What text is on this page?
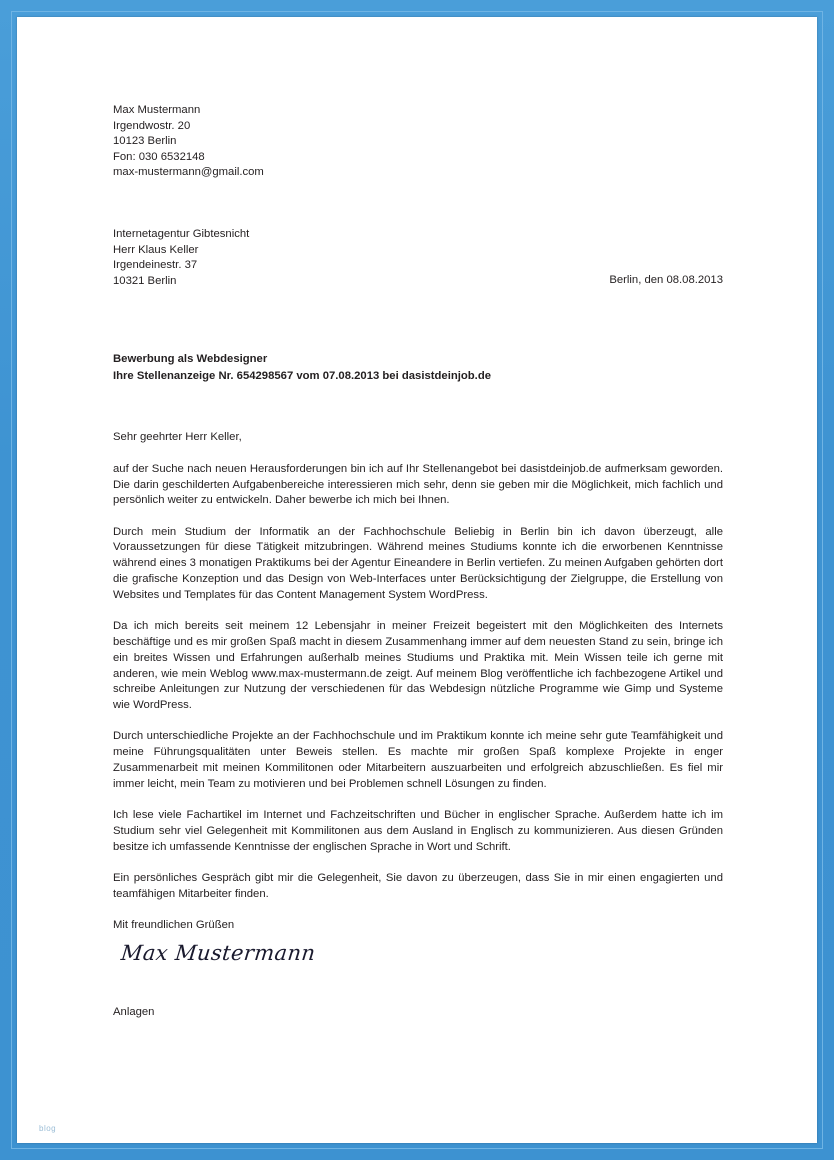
Max Mustermann
Irgendwostr. 20
10123 Berlin
Fon: 030 6532148
max-mustermann@gmail.com
Internetagentur Gibtesnicht
Herr Klaus Keller
Irgendeinestr. 37
10321 Berlin	Berlin, den 08.08.2013
Bewerbung als Webdesigner
Ihre Stellenanzeige Nr. 654298567 vom 07.08.2013 bei dasistdeinjob.de
Sehr geehrter Herr Keller,

auf der Suche nach neuen Herausforderungen bin ich auf Ihr Stellenangebot bei dasistdeinjob.de aufmerksam geworden. Die darin geschilderten Aufgabenbereiche interessieren mich sehr, denn sie geben mir die Möglichkeit, mich fachlich und persönlich weiter zu entwickeln. Daher bewerbe ich mich bei Ihnen.

Durch mein Studium der Informatik an der Fachhochschule Beliebig in Berlin bin ich davon überzeugt, alle Voraussetzungen für diese Tätigkeit mitzubringen. Während meines Studiums konnte ich die erworbenen Kenntnisse während eines 3 monatigen Praktikums bei der Agentur Eineandere in Berlin vertiefen. Zu meinen Aufgaben gehörten dort die grafische Konzeption und das Design von Web-Interfaces unter Berücksichtigung der Zielgruppe, die Erstellung von Websites und Templates für das Content Management System WordPress.

Da ich mich bereits seit meinem 12 Lebensjahr in meiner Freizeit begeistert mit den Möglichkeiten des Internets beschäftige und es mir großen Spaß macht in diesem Zusammenhang immer auf dem neuesten Stand zu sein, bringe ich ein breites Wissen und Erfahrungen außerhalb meines Studiums und Praktika mit. Mein Wissen teile ich gerne mit anderen, wie mein Weblog www.max-mustermann.de zeigt. Auf meinem Blog veröffentliche ich fachbezogene Artikel und schreibe Anleitungen zur Nutzung der verschiedenen für das Webdesign nützliche Programme wie Gimp und Systeme wie WordPress.

Durch unterschiedliche Projekte an der Fachhochschule und im Praktikum konnte ich meine sehr gute Teamfähigkeit und meine Führungsqualitäten unter Beweis stellen. Es machte mir großen Spaß komplexe Projekte in enger Zusammenarbeit mit meinen Kommilitonen oder Mitarbeitern auszuarbeiten und erfolgreich abzuschließen. Es fiel mir immer leicht, mein Team zu motivieren und bei Problemen schnell Lösungen zu finden.

Ich lese viele Fachartikel im Internet und Fachzeitschriften und Bücher in englischer Sprache. Außerdem hatte ich im Studium sehr viel Gelegenheit mit Kommilitonen aus dem Ausland in Englisch zu kommunizieren. Aus diesen Gründen besitze ich umfassende Kenntnisse der englischen Sprache in Wort und Schrift.

Ein persönliches Gespräch gibt mir die Gelegenheit, Sie davon zu überzeugen, dass Sie in mir einen engagierten und teamfähigen Mitarbeiter finden.

Mit freundlichen Grüßen
Max Mustermann
Anlagen
blog
